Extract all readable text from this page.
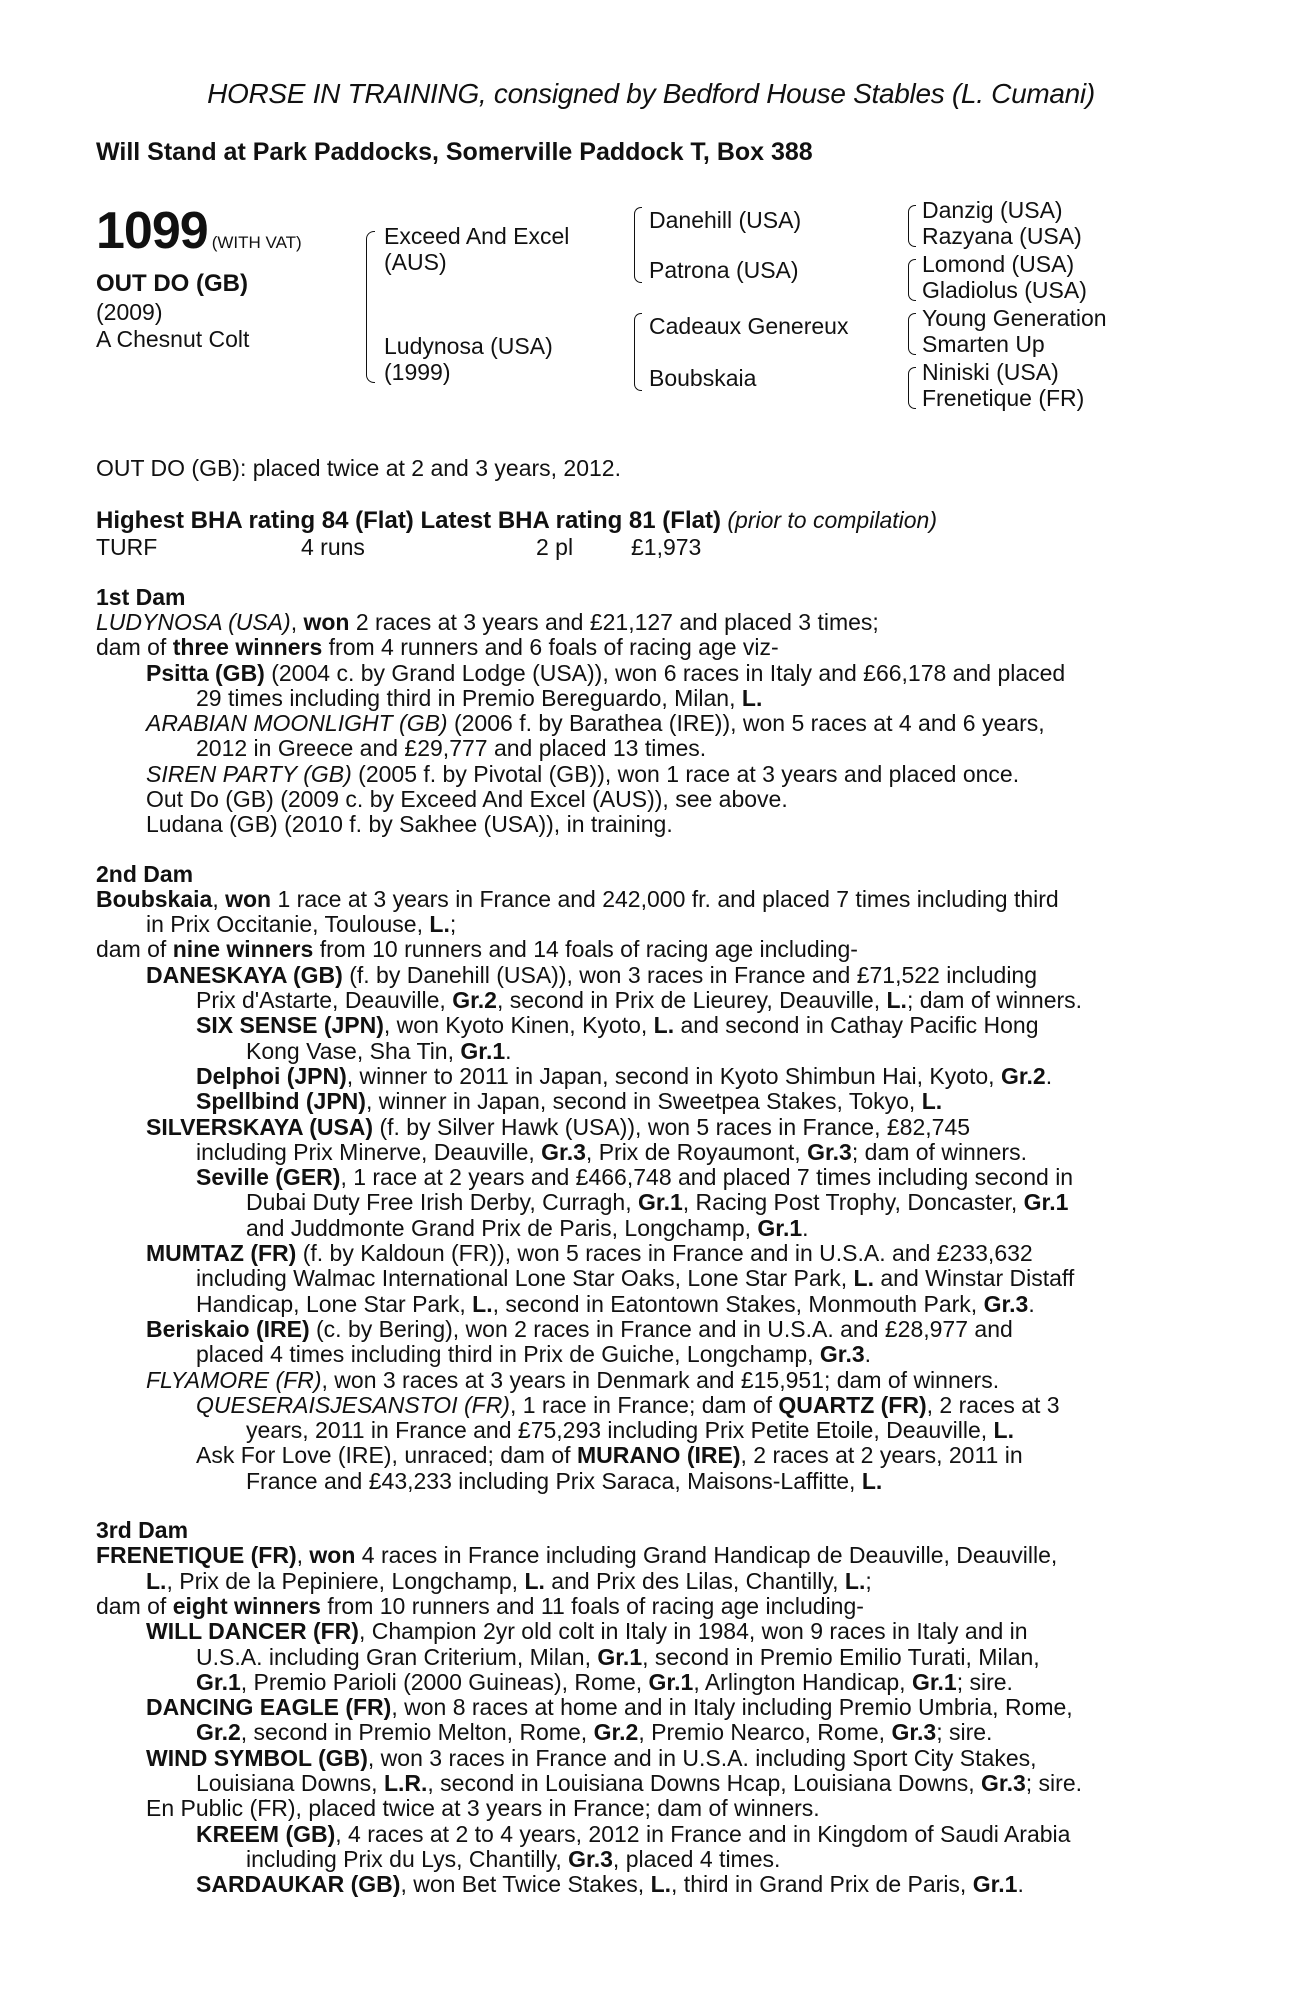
HORSE IN TRAINING, consigned by Bedford House Stables (L. Cumani)
Will Stand at Park Paddocks, Somerville Paddock T, Box 388
1099 (WITH VAT)
OUT DO (GB)
(2009)
A Chesnut Colt
Exceed And Excel
(AUS)
Ludynosa (USA)
(1999)
Danehill (USA)
Patrona (USA)
Cadeaux Genereux
Boubskaia
Danzig (USA)
Razyana (USA)
Lomond (USA)
Gladiolus (USA)
Young Generation
Smarten Up
Niniski (USA)
Frenetique (FR)
OUT DO (GB): placed twice at 2 and 3 years, 2012.
Highest BHA rating 84 (Flat) Latest BHA rating 81 (Flat) (prior to compilation)
TURF	4 runs	2 pl	£1,973
1st Dam
LUDYNOSA (USA), won 2 races at 3 years and £21,127 and placed 3 times;
dam of three winners from 4 runners and 6 foals of racing age viz-
Psitta (GB) (2004 c. by Grand Lodge (USA)), won 6 races in Italy and £66,178 and placed
29 times including third in Premio Bereguardo, Milan, L.
ARABIAN MOONLIGHT (GB) (2006 f. by Barathea (IRE)), won 5 races at 4 and 6 years,
2012 in Greece and £29,777 and placed 13 times.
SIREN PARTY (GB) (2005 f. by Pivotal (GB)), won 1 race at 3 years and placed once.
Out Do (GB) (2009 c. by Exceed And Excel (AUS)), see above.
Ludana (GB) (2010 f. by Sakhee (USA)), in training.
2nd Dam
Boubskaia, won 1 race at 3 years in France and 242,000 fr. and placed 7 times including third
in Prix Occitanie, Toulouse, L.;
dam of nine winners from 10 runners and 14 foals of racing age including-
DANESKAYA (GB) (f. by Danehill (USA)), won 3 races in France and £71,522 including
Prix d'Astarte, Deauville, Gr.2, second in Prix de Lieurey, Deauville, L.; dam of winners.
SIX SENSE (JPN), won Kyoto Kinen, Kyoto, L. and second in Cathay Pacific Hong
Kong Vase, Sha Tin, Gr.1.
Delphoi (JPN), winner to 2011 in Japan, second in Kyoto Shimbun Hai, Kyoto, Gr.2.
Spellbind (JPN), winner in Japan, second in Sweetpea Stakes, Tokyo, L.
SILVERSKAYA (USA) (f. by Silver Hawk (USA)), won 5 races in France, £82,745
including Prix Minerve, Deauville, Gr.3, Prix de Royaumont, Gr.3; dam of winners.
Seville (GER), 1 race at 2 years and £466,748 and placed 7 times including second in
Dubai Duty Free Irish Derby, Curragh, Gr.1, Racing Post Trophy, Doncaster, Gr.1
and Juddmonte Grand Prix de Paris, Longchamp, Gr.1.
MUMTAZ (FR) (f. by Kaldoun (FR)), won 5 races in France and in U.S.A. and £233,632
including Walmac International Lone Star Oaks, Lone Star Park, L. and Winstar Distaff
Handicap, Lone Star Park, L., second in Eatontown Stakes, Monmouth Park, Gr.3.
Beriskaio (IRE) (c. by Bering), won 2 races in France and in U.S.A. and £28,977 and
placed 4 times including third in Prix de Guiche, Longchamp, Gr.3.
FLYAMORE (FR), won 3 races at 3 years in Denmark and £15,951; dam of winners.
QUESERAISJESANSTOI (FR), 1 race in France; dam of QUARTZ (FR), 2 races at 3
years, 2011 in France and £75,293 including Prix Petite Etoile, Deauville, L.
Ask For Love (IRE), unraced; dam of MURANO (IRE), 2 races at 2 years, 2011 in
France and £43,233 including Prix Saraca, Maisons-Laffitte, L.
3rd Dam
FRENETIQUE (FR), won 4 races in France including Grand Handicap de Deauville, Deauville,
L., Prix de la Pepiniere, Longchamp, L. and Prix des Lilas, Chantilly, L.;
dam of eight winners from 10 runners and 11 foals of racing age including-
WILL DANCER (FR), Champion 2yr old colt in Italy in 1984, won 9 races in Italy and in
U.S.A. including Gran Criterium, Milan, Gr.1, second in Premio Emilio Turati, Milan,
Gr.1, Premio Parioli (2000 Guineas), Rome, Gr.1, Arlington Handicap, Gr.1; sire.
DANCING EAGLE (FR), won 8 races at home and in Italy including Premio Umbria, Rome,
Gr.2, second in Premio Melton, Rome, Gr.2, Premio Nearco, Rome, Gr.3; sire.
WIND SYMBOL (GB), won 3 races in France and in U.S.A. including Sport City Stakes,
Louisiana Downs, L.R., second in Louisiana Downs Hcap, Louisiana Downs, Gr.3; sire.
En Public (FR), placed twice at 3 years in France; dam of winners.
KREEM (GB), 4 races at 2 to 4 years, 2012 in France and in Kingdom of Saudi Arabia
including Prix du Lys, Chantilly, Gr.3, placed 4 times.
SARDAUKAR (GB), won Bet Twice Stakes, L., third in Grand Prix de Paris, Gr.1.
